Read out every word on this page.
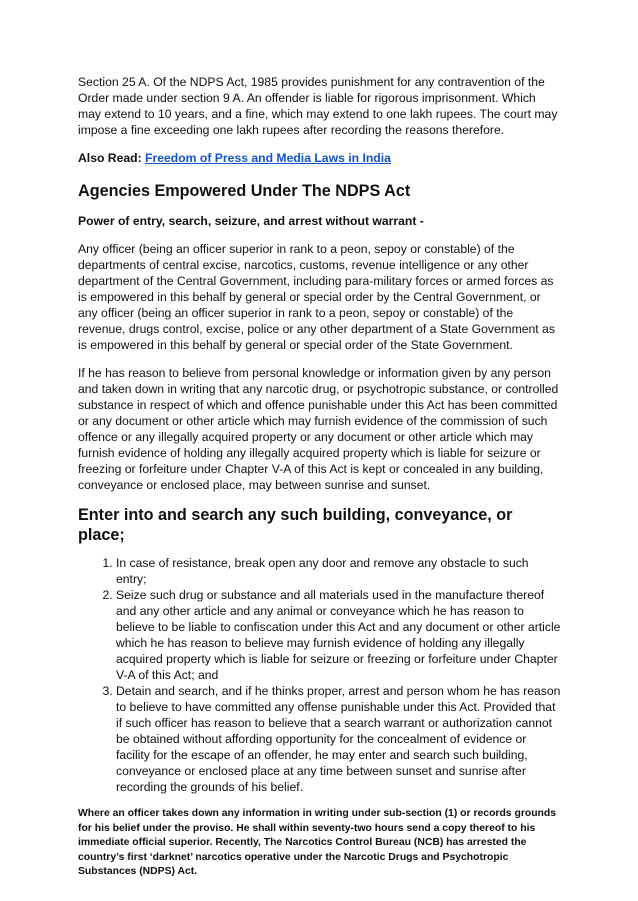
Section 25 A. Of the NDPS Act, 1985 provides punishment for any contravention of the Order made under section 9 A. An offender is liable for rigorous imprisonment. Which may extend to 10 years, and a fine, which may extend to one lakh rupees. The court may impose a fine exceeding one lakh rupees after recording the reasons therefore.

Also Read: Freedom of Press and Media Laws in India

Agencies Empowered Under The NDPS Act

Power of entry, search, seizure, and arrest without warrant -

Any officer (being an officer superior in rank to a peon, sepoy or constable) of the departments of central excise, narcotics, customs, revenue intelligence or any other department of the Central Government, including para-military forces or armed forces as is empowered in this behalf by general or special order by the Central Government, or any officer (being an officer superior in rank to a peon, sepoy or constable) of the revenue, drugs control, excise, police or any other department of a State Government as is empowered in this behalf by general or special order of the State Government.

If he has reason to believe from personal knowledge or information given by any person and taken down in writing that any narcotic drug, or psychotropic substance, or controlled substance in respect of which and offence punishable under this Act has been committed or any document or other article which may furnish evidence of the commission of such offence or any illegally acquired property or any document or other article which may furnish evidence of holding any illegally acquired property which is liable for seizure or freezing or forfeiture under Chapter V-A of this Act is kept or concealed in any building, conveyance or enclosed place, may between sunrise and sunset.

Enter into and search any such building, conveyance, or place;
1. In case of resistance, break open any door and remove any obstacle to such entry;
2. Seize such drug or substance and all materials used in the manufacture thereof and any other article and any animal or conveyance which he has reason to believe to be liable to confiscation under this Act and any document or other article which he has reason to believe may furnish evidence of holding any illegally acquired property which is liable for seizure or freezing or forfeiture under Chapter V-A of this Act; and
3. Detain and search, and if he thinks proper, arrest and person whom he has reason to believe to have committed any offense punishable under this Act. Provided that if such officer has reason to believe that a search warrant or authorization cannot be obtained without affording opportunity for the concealment of evidence or facility for the escape of an offender, he may enter and search such building, conveyance or enclosed place at any time between sunset and sunrise after recording the grounds of his belief.

Where an officer takes down any information in writing under sub-section (1) or records grounds for his belief under the proviso. He shall within seventy-two hours send a copy thereof to his immediate official superior. Recently, The Narcotics Control Bureau (NCB) has arrested the country’s first ‘darknet’ narcotics operative under the Narcotic Drugs and Psychotropic Substances (NDPS) Act.
